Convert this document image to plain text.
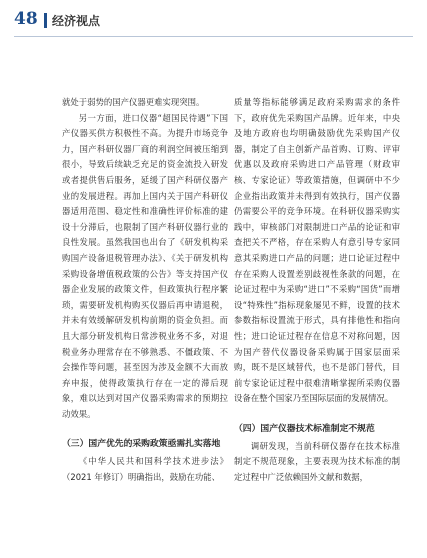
48 经济视点

就处于弱势的国产仪器更难实现突围。

另一方面，进口仪器“超国民待遇”下国产仪器买供方积极性不高。为提升市场竞争力，国产科研仪器厂商的利润空间被压缩到很小，导致后续缺乏充足的资金流投入研发或者提供售后服务，延缓了国产科研仪器产业的发展进程。再加上国内关于国产科研仪器适用范围、稳定性和准确性评价标准的建设十分滞后，也限制了国产科研仪器行业的良性发展。虽然我国也出台了《研发机构采购国产设备退税管理办法》、《关于研发机构采购设备增值税政策的公告》等支持国产仪器企业发展的政策文件，但政策执行程序繁琐，需要研发机构购买仪器后再申请退税，并未有效缓解研发机构前期的资金负担。而且大部分研发机构日常涉税业务不多，对退税业务办理常存在不够熟悉、不僵政策、不会操作等问题，甚至因为涉及金额不大而放弃申报，使得政策执行存在一定的滞后现象，难以达到对国产仪器采购需求的预期拉动效果。

（三）国产优先的采购政策亟需扎实落地

《中华人民共和国科学技术进步法》（2021 年修订）明确指出，鼓励在功能、

质量等指标能够满足政府采购需求的条件下，政府优先采购国产品牌。近年来，中央及地方政府也均明确鼓励优先采购国产仪器，制定了自主创新产品首购、订购、评审优惠以及政府采购进口产品管理（财政审核、专家论证）等政策措施，但调研中不少企业指出政策并未得到有效执行，国产仪器仍需要公平的竞争环境。在科研仪器采购实践中，审核部门对限制进口产品的论证和审查把关不严格，存在采购人有意引导专家同意其采购进口产品的问题；进口论证过程中存在采购人设置差别歧视性条款的问题，在论证过程中为采购“进口”不采购“国货”而增设“特殊性”指标现象屡见不鲜，设置的技术参数指标设置流于形式，具有排他性和指向性；进口论证过程存在信息不对称问题，因为国产替代仪器设备采购属于国家层面采购，既不是区域替代，也不是部门替代，目前专家论证过程中很难清晰掌握所采购仪器设备在整个国家乃至国际层面的发展情况。

（四）国产仪器技术标准制定不规范

调研发现，当前科研仪器存在技术标准制定不规范现象，主要表现为技术标准的制定过程中广泛依赖国外文献和数据，
